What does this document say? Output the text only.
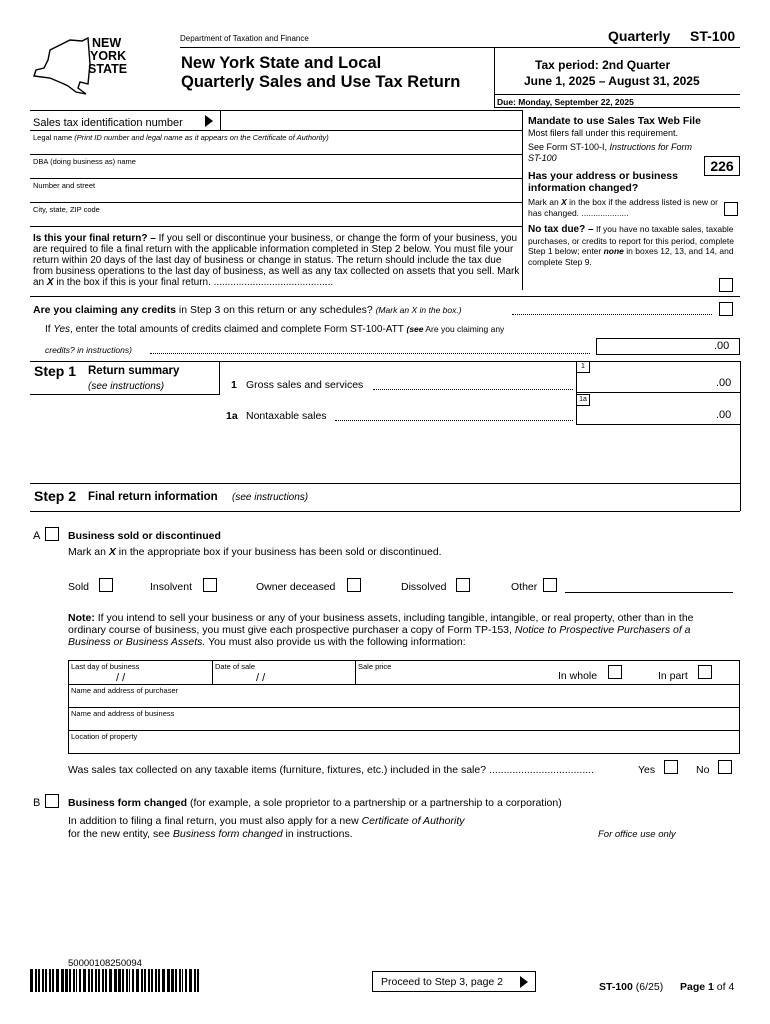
NEW
YORK
STATE
Department of Taxation and Finance	Quarterly ST-100
New York State and Local
Quarterly Sales and Use Tax Return
Tax period: 2nd Quarter
June 1, 2025 – August 31, 2025
Due: Monday, September 22, 2025
Sales tax identification number
Legal name (Print ID number and legal name as it appears on the Certificate of Authority)
DBA (doing business as) name
Number and street
City, state, ZIP code
Mandate to use Sales Tax Web File
Most filers fall under this requirement.
See Form ST-100-I, Instructions for Form ST-100	226
Has your address or business information changed?
Mark an X in the box if the address listed is new or has changed. ....................
No tax due? – If you have no taxable sales, taxable purchases, or credits to report for this period, complete Step 1 below; enter none in boxes 12, 13, and 14, and complete Step 9.
Is this your final return? – If you sell or discontinue your business, or change the form of your business, you are required to file a final return with the applicable information completed in Step 2 below. You must file your return within 20 days of the last day of business or change in status. The return should include the tax due from business operations to the last day of business, as well as any tax collected on assets that you sell. Mark an X in the box if this is your final return. ...........................................
Are you claiming any credits in Step 3 on this return or any schedules? (Mark an X in the box.)
If Yes, enter the total amounts of credits claimed and complete Form ST-100-ATT (see Are you claiming any
credits? in instructions)	.00
Step 1 Return summary
(see instructions)	1 Gross sales and services
1
.00
1a Nontaxable sales
1a
.00
Step 2 Final return information (see instructions)
A	Business sold or discontinued
Mark an X in the appropriate box if your business has been sold or discontinued.
Sold	Insolvent	Owner deceased	Dissolved	Other
Note: If you intend to sell your business or any of your business assets, including tangible, intangible, or real property, other than in the ordinary course of business, you must give each prospective purchaser a copy of Form TP-153, Notice to Prospective Purchasers of a Business or Business Assets. You must also provide us with the following information:
Last day of business
/ /
Date of sale
/ /
Sale price
In whole	In part
Name and address of purchaser
Name and address of business
Location of property
Was sales tax collected on any taxable items (furniture, fixtures, etc.) included in the sale? ....................................	Yes	No
B	Business form changed (for example, a sole proprietor to a partnership or a partnership to a corporation)
In addition to filing a final return, you must also apply for a new Certificate of Authority
for the new entity, see Business form changed in instructions.	For office use only
50000108250094
Proceed to Step 3, page 2	ST-100 (6/25) Page 1 of 4
